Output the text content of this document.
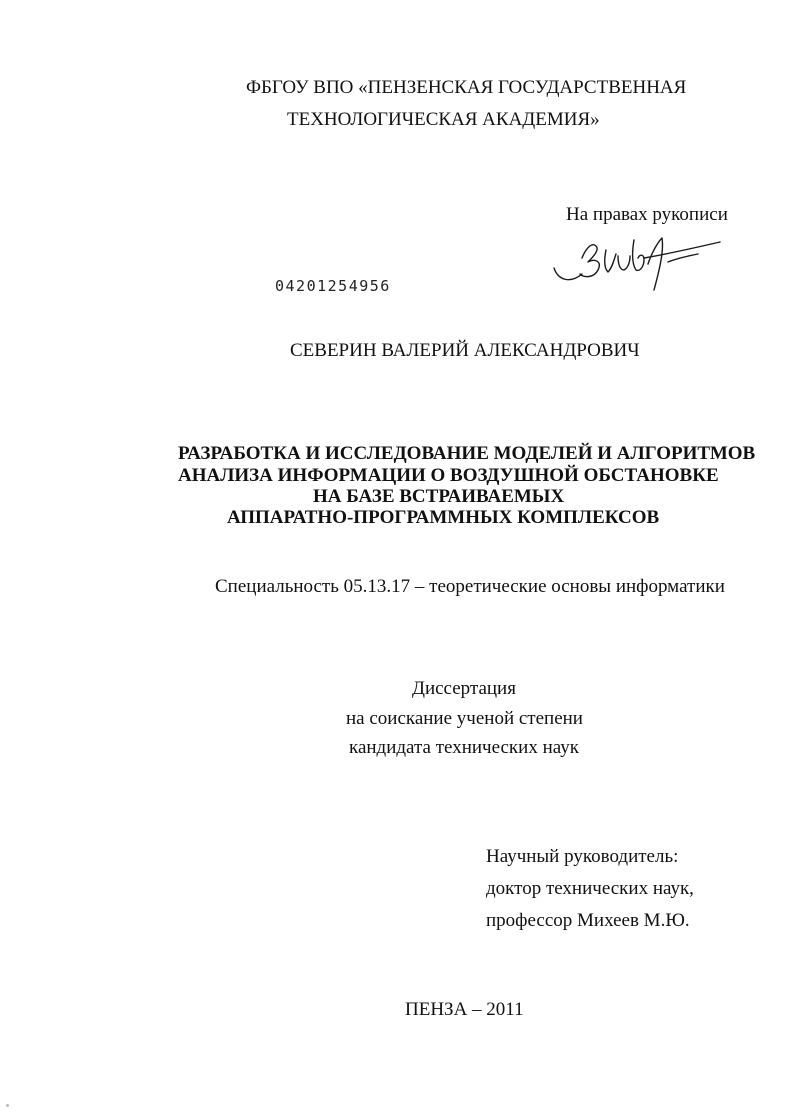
ФБГОУ ВПО «ПЕНЗЕНСКАЯ ГОСУДАРСТВЕННАЯ
ТЕХНОЛОГИЧЕСКАЯ АКАДЕМИЯ»
На правах рукописи
04201254956
СЕВЕРИН ВАЛЕРИЙ АЛЕКСАНДРОВИЧ
РАЗРАБОТКА И ИССЛЕДОВАНИЕ МОДЕЛЕЙ И АЛГОРИТМОВ
АНАЛИЗА ИНФОРМАЦИИ О ВОЗДУШНОЙ ОБСТАНОВКЕ
НА БАЗЕ ВСТРАИВАЕМЫХ
АППАРАТНО-ПРОГРАММНЫХ КОМПЛЕКСОВ
Специальность 05.13.17 – теоретические основы информатики
Диссертация
на соискание ученой степени
кандидата технических наук
Научный руководитель:
доктор технических наук,
профессор Михеев М.Ю.
ПЕНЗА – 2011
